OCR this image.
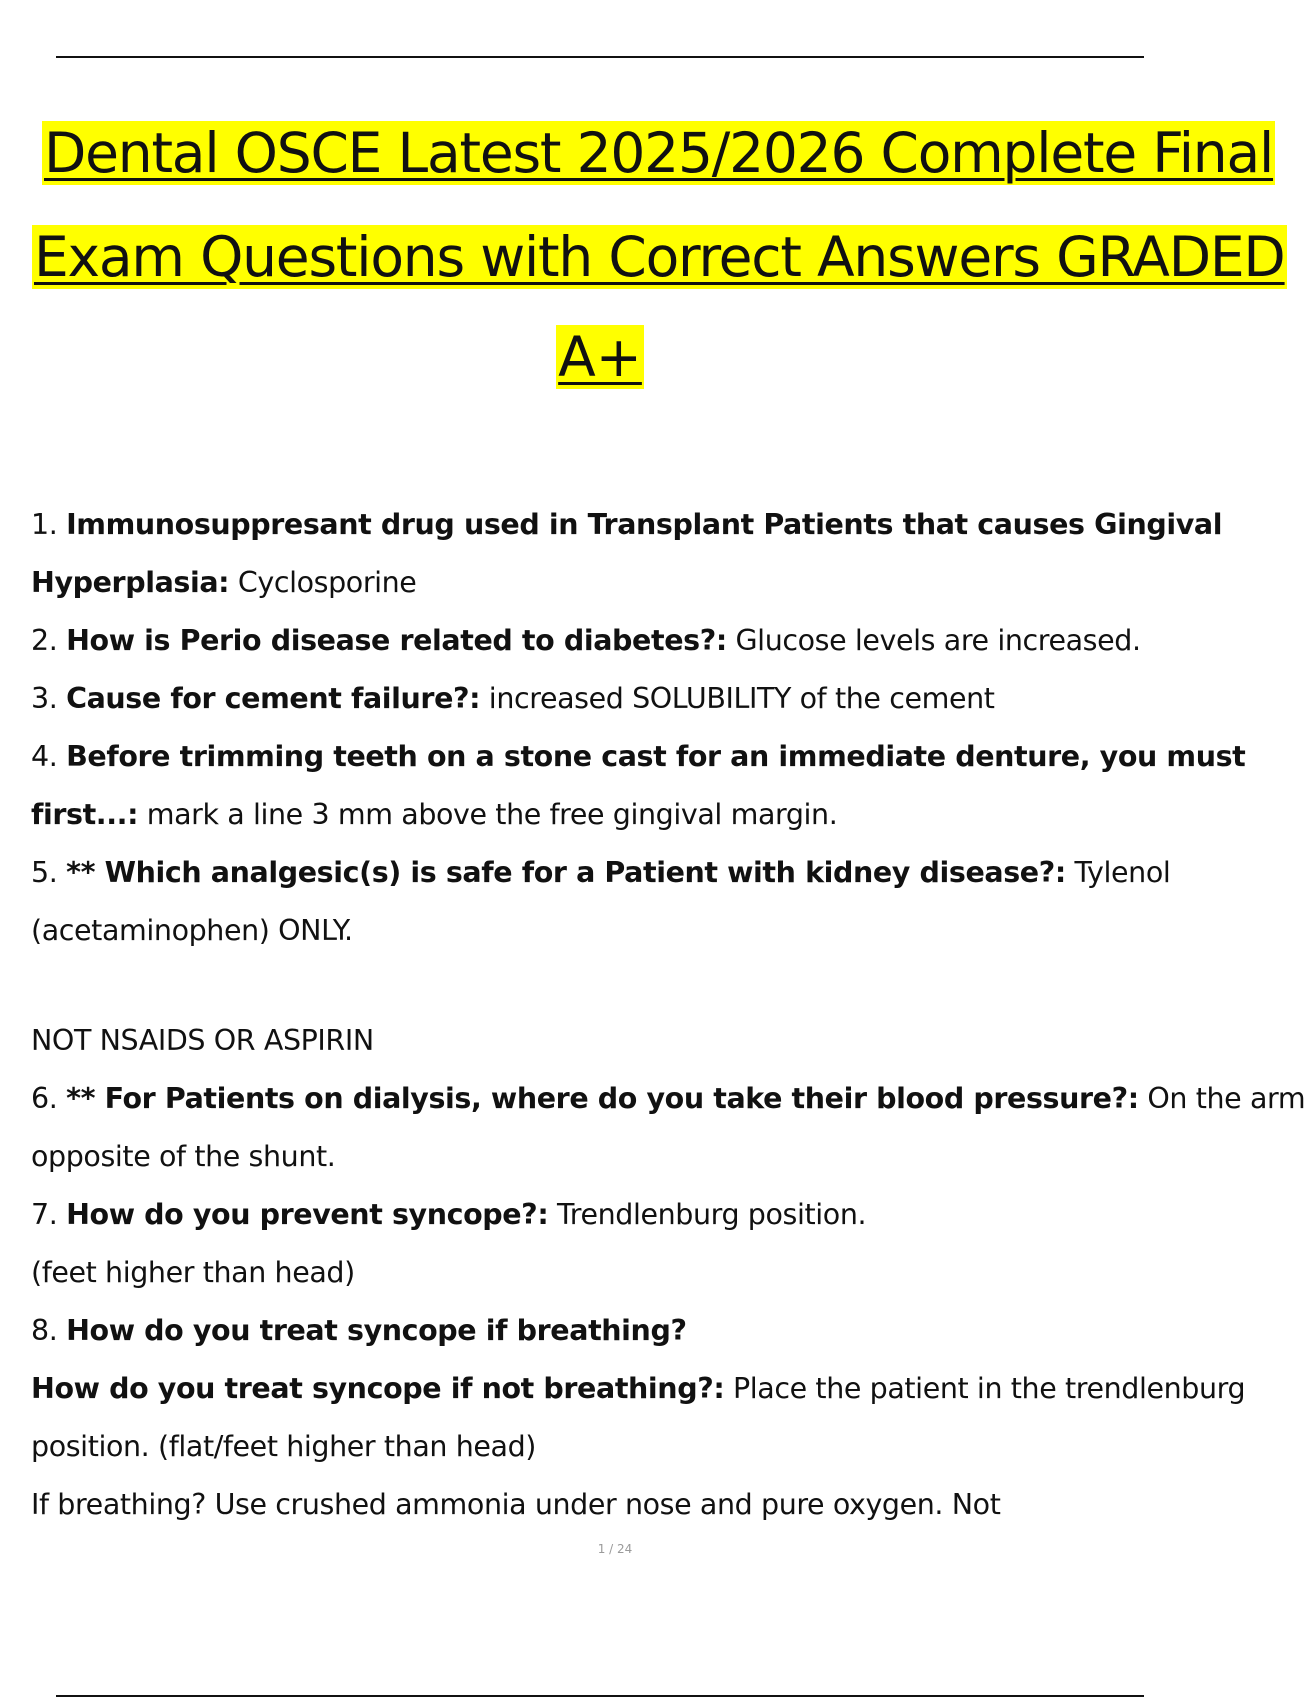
Dental OSCE Latest 2025/2026 Complete Final
Exam Questions with Correct Answers GRADED
A+
1. Immunosuppresant drug used in Transplant Patients that causes Gingival
Hyperplasia: Cyclosporine
2. How is Perio disease related to diabetes?: Glucose levels are increased.
3. Cause for cement failure?: increased SOLUBILITY of the cement
4. Before trimming teeth on a stone cast for an immediate denture, you must
first...: mark a line 3 mm above the free gingival margin.
5. ** Which analgesic(s) is safe for a Patient with kidney disease?: Tylenol
(acetaminophen) ONLY.
NOT NSAIDS OR ASPIRIN
6. ** For Patients on dialysis, where do you take their blood pressure?: On the arm
opposite of the shunt.
7. How do you prevent syncope?: Trendlenburg position.
(feet higher than head)
8. How do you treat syncope if breathing?
How do you treat syncope if not breathing?: Place the patient in the trendlenburg
position. (flat/feet higher than head)
If breathing? Use crushed ammonia under nose and pure oxygen. Not
1 / 24
